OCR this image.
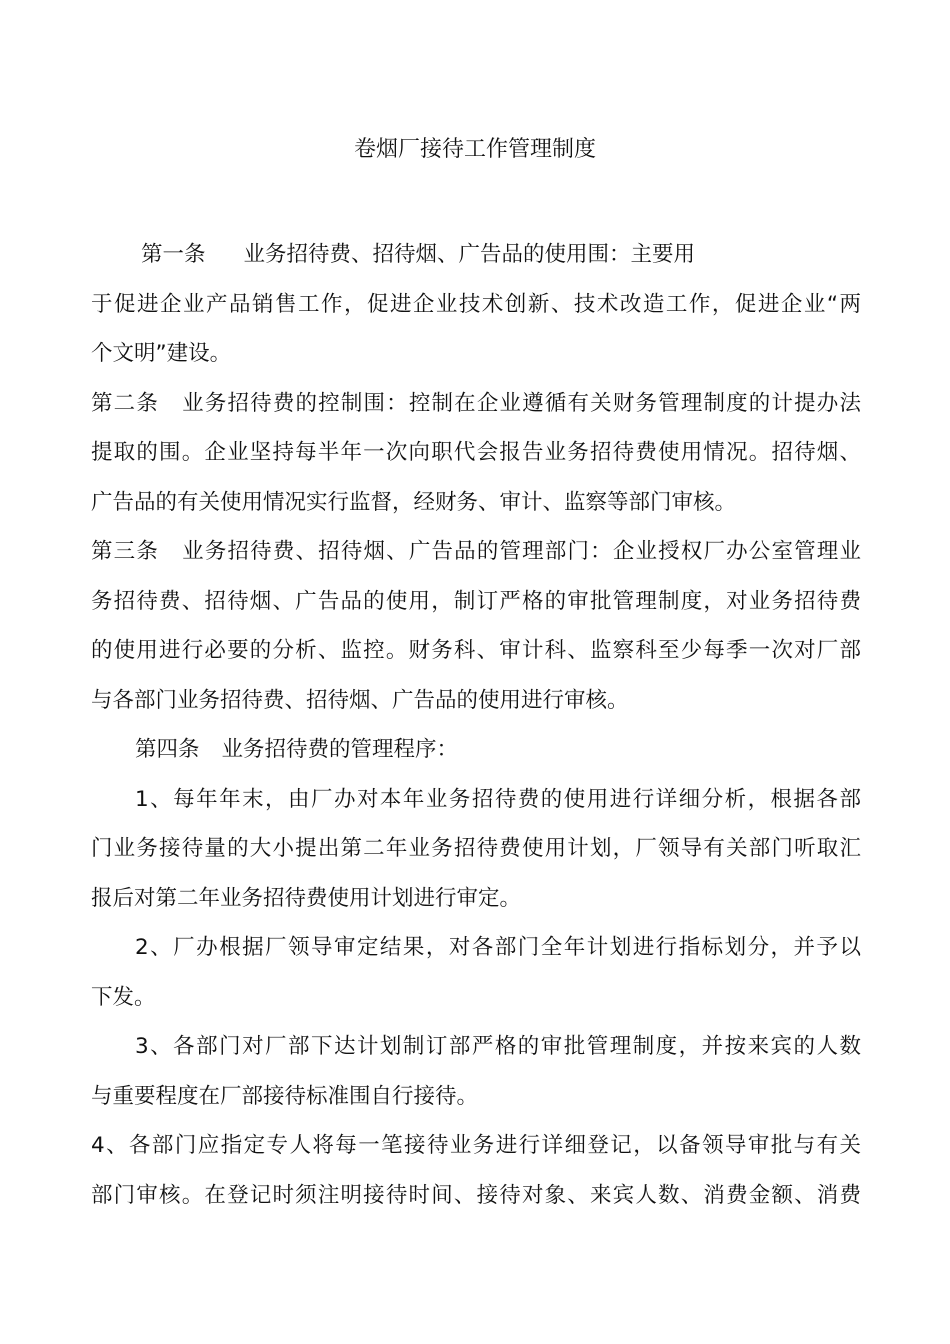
卷烟厂接待工作管理制度

第一条 业务招待费、招待烟、广告品的使用围：主要用
于促进企业产品销售工作，促进企业技术创新、技术改造工作，促进企业“两
个文明”建设。

第二条 业务招待费的控制围：控制在企业遵循有关财务管理制度的计提办法
提取的围。企业坚持每半年一次向职代会报告业务招待费使用情况。招待烟、
广告品的有关使用情况实行监督，经财务、审计、监察等部门审核。

第三条 业务招待费、招待烟、广告品的管理部门：企业授权厂办公室管理业
务招待费、招待烟、广告品的使用，制订严格的审批管理制度，对业务招待费
的使用进行必要的分析、监控。财务科、审计科、监察科至少每季一次对厂部
与各部门业务招待费、招待烟、广告品的使用进行审核。

第四条 业务招待费的管理程序：

1、每年年末，由厂办对本年业务招待费的使用进行详细分析，根据各部
门业务接待量的大小提出第二年业务招待费使用计划，厂领导有关部门听取汇
报后对第二年业务招待费使用计划进行审定。

2、厂办根据厂领导审定结果，对各部门全年计划进行指标划分，并予以
下发。

3、各部门对厂部下达计划制订部严格的审批管理制度，并按来宾的人数
与重要程度在厂部接待标准围自行接待。

4、各部门应指定专人将每一笔接待业务进行详细登记，以备领导审批与有关
部门审核。在登记时须注明接待时间、接待对象、来宾人数、消费金额、消费
